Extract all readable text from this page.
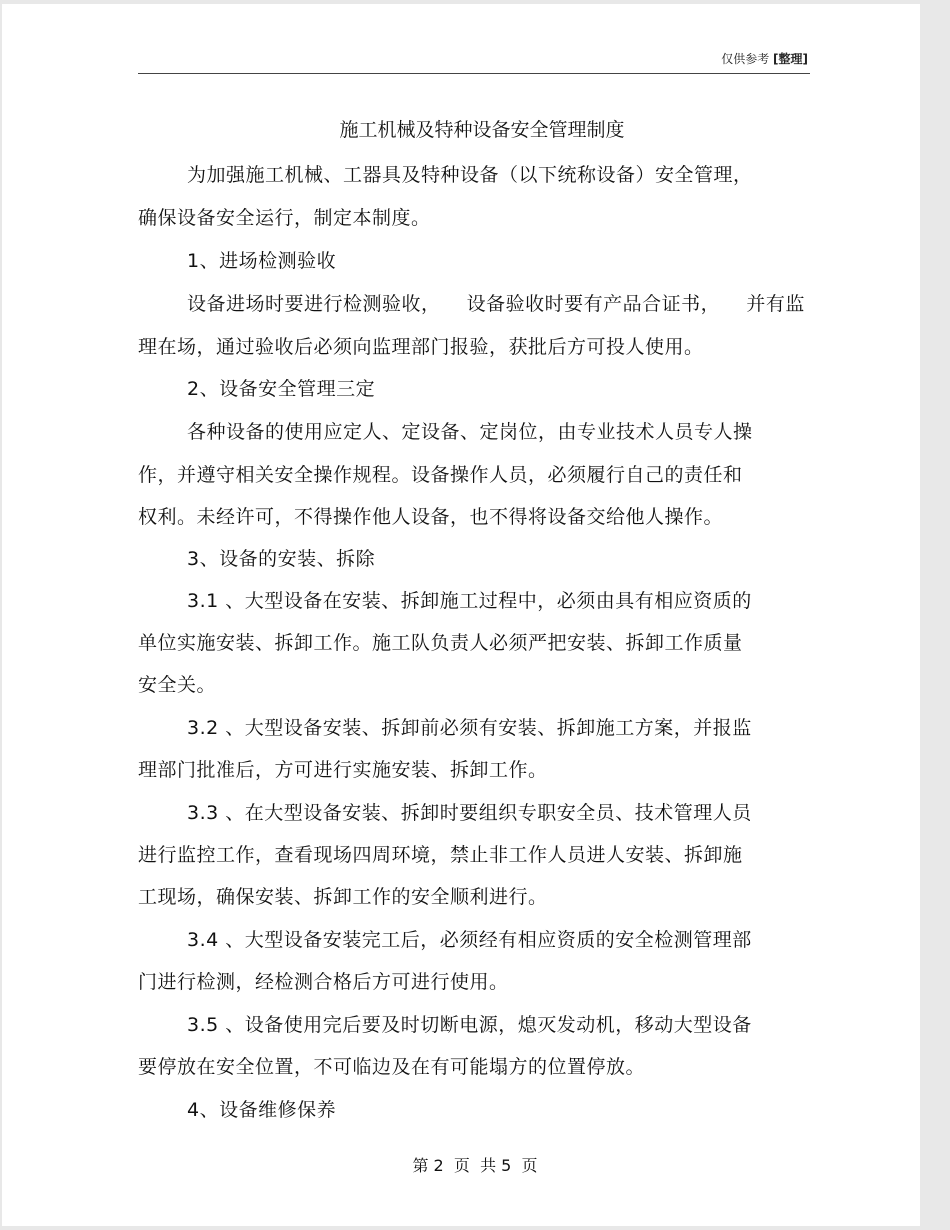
仅供参考 [整理]
施工机械及特种设备安全管理制度
为加强施工机械、工器具及特种设备（以下统称设备）安全管理，
确保设备安全运行，制定本制度。
1、进场检测验收
设备进场时要进行检测验收，    设备验收时要有产品合证书，    并有监
理在场，通过验收后必须向监理部门报验，获批后方可投人使用。
2、设备安全管理三定
各种设备的使用应定人、定设备、定岗位，由专业技术人员专人操
作，并遵守相关安全操作规程。设备操作人员，必须履行自己的责任和
权利。未经许可，不得操作他人设备，也不得将设备交给他人操作。
3、设备的安装、拆除
3.1 、大型设备在安装、拆卸施工过程中，必须由具有相应资质的
单位实施安装、拆卸工作。施工队负责人必须严把安装、拆卸工作质量
安全关。
3.2 、大型设备安装、拆卸前必须有安装、拆卸施工方案，并报监
理部门批准后，方可进行实施安装、拆卸工作。
3.3 、在大型设备安装、拆卸时要组织专职安全员、技术管理人员
进行监控工作，查看现场四周环境，禁止非工作人员进人安装、拆卸施
工现场，确保安装、拆卸工作的安全顺利进行。
3.4 、大型设备安装完工后，必须经有相应资质的安全检测管理部
门进行检测，经检测合格后方可进行使用。
3.5 、设备使用完后要及时切断电源，熄灭发动机，移动大型设备
要停放在安全位置，不可临边及在有可能塌方的位置停放。
4、设备维修保养
第 2  页  共 5  页
